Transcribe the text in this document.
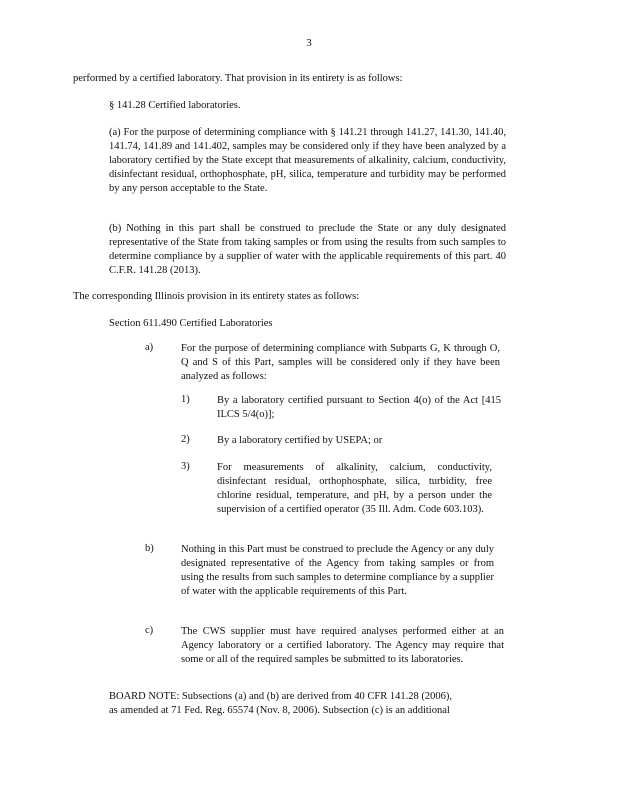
3
performed by a certified laboratory. That provision in its entirety is as follows:
§ 141.28 Certified laboratories.
(a) For the purpose of determining compliance with § 141.21 through 141.27, 141.30, 141.40, 141.74, 141.89 and 141.402, samples may be considered only if they have been analyzed by a laboratory certified by the State except that measurements of alkalinity, calcium, conductivity, disinfectant residual, orthophosphate, pH, silica, temperature and turbidity may be performed by any person acceptable to the State.
(b) Nothing in this part shall be construed to preclude the State or any duly designated representative of the State from taking samples or from using the results from such samples to determine compliance by a supplier of water with the applicable requirements of this part. 40 C.F.R. 141.28 (2013).
The corresponding Illinois provision in its entirety states as follows:
Section 611.490 Certified Laboratories
a)	For the purpose of determining compliance with Subparts G, K through O, Q and S of this Part, samples will be considered only if they have been analyzed as follows:
1)	By a laboratory certified pursuant to Section 4(o) of the Act [415 ILCS 5/4(o)];
2)	By a laboratory certified by USEPA; or
3)	For measurements of alkalinity, calcium, conductivity, disinfectant residual, orthophosphate, silica, turbidity, free chlorine residual, temperature, and pH, by a person under the supervision of a certified operator (35 Ill. Adm. Code 603.103).
b)	Nothing in this Part must be construed to preclude the Agency or any duly designated representative of the Agency from taking samples or from using the results from such samples to determine compliance by a supplier of water with the applicable requirements of this Part.
c)	The CWS supplier must have required analyses performed either at an Agency laboratory or a certified laboratory. The Agency may require that some or all of the required samples be submitted to its laboratories.
BOARD NOTE: Subsections (a) and (b) are derived from 40 CFR 141.28 (2006),
as amended at 71 Fed. Reg. 65574 (Nov. 8, 2006). Subsection (c) is an additional
